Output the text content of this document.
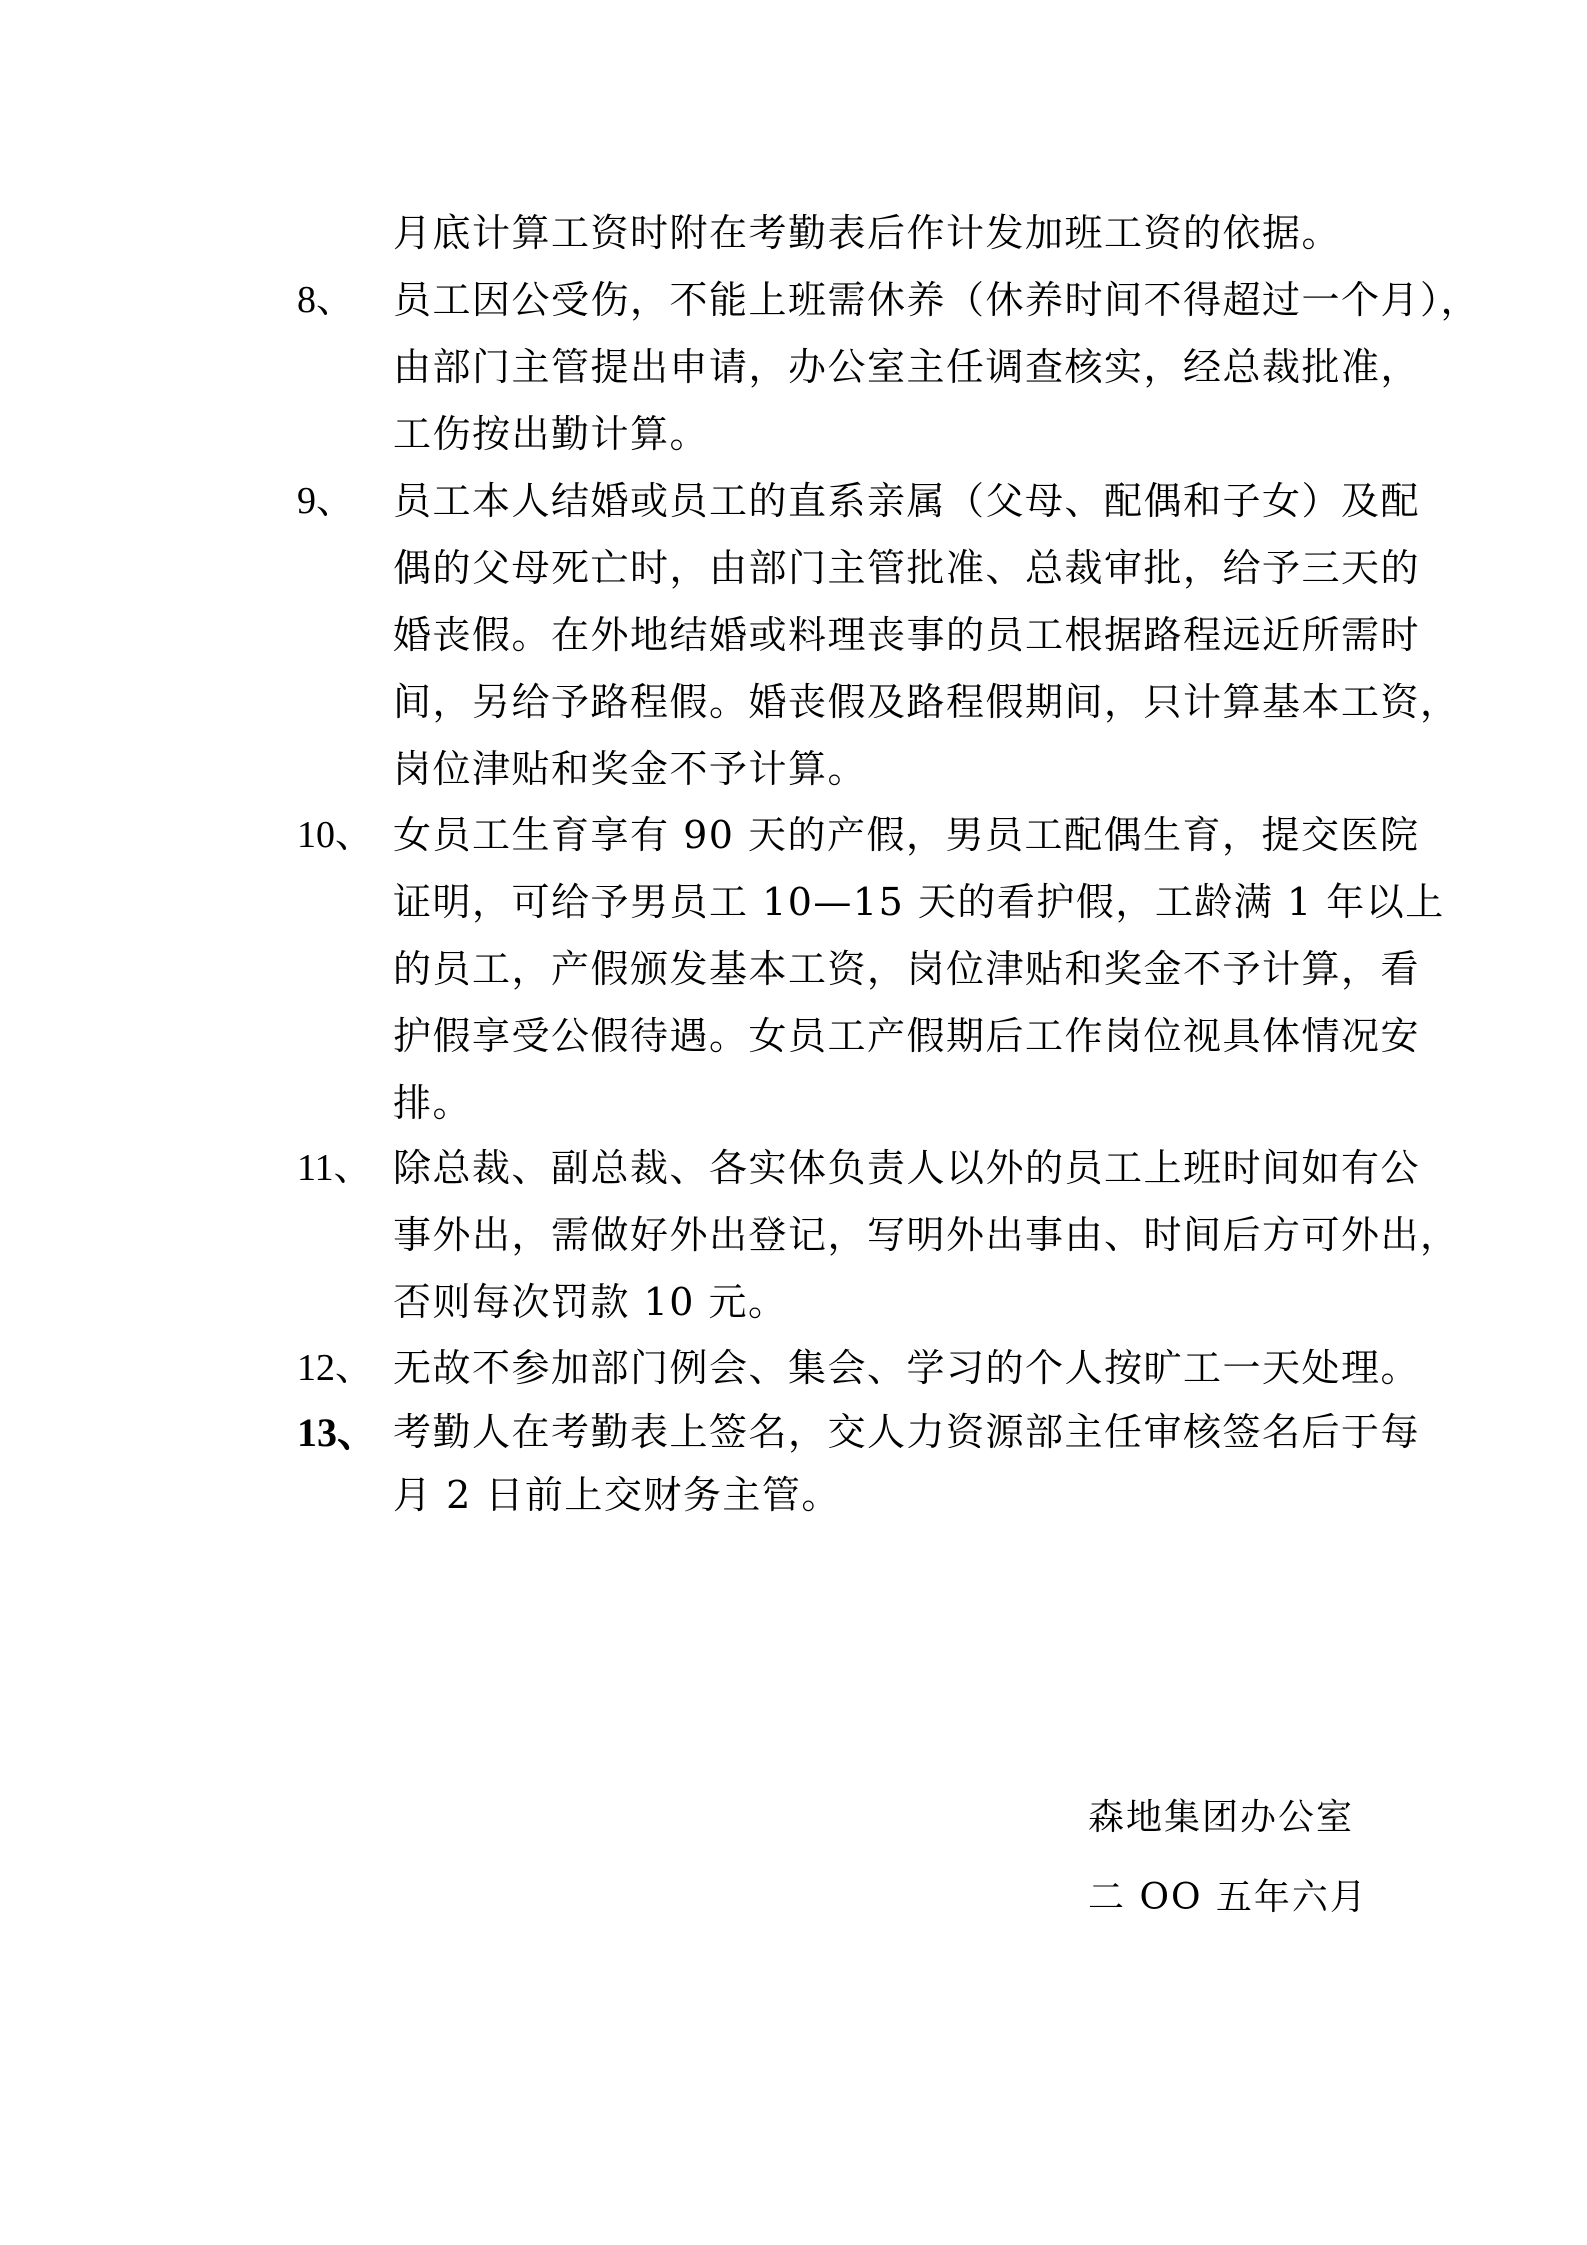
月底计算工资时附在考勤表后作计发加班工资的依据。
8、 员工因公受伤，不能上班需休养（休养时间不得超过一个月），
由部门主管提出申请，办公室主任调查核实，经总裁批准，
工伤按出勤计算。
9、 员工本人结婚或员工的直系亲属（父母、配偶和子女）及配
偶的父母死亡时，由部门主管批准、总裁审批，给予三天的
婚丧假。在外地结婚或料理丧事的员工根据路程远近所需时
间，另给予路程假。婚丧假及路程假期间，只计算基本工资，
岗位津贴和奖金不予计算。
10、 女员工生育享有 90 天的产假，男员工配偶生育，提交医院
证明，可给予男员工 10—15 天的看护假，工龄满 1 年以上
的员工，产假颁发基本工资，岗位津贴和奖金不予计算，看
护假享受公假待遇。女员工产假期后工作岗位视具体情况安
排。
11、 除总裁、副总裁、各实体负责人以外的员工上班时间如有公
事外出，需做好外出登记，写明外出事由、时间后方可外出，
否则每次罚款 10 元。
12、 无故不参加部门例会、集会、学习的个人按旷工一天处理。
13、 考勤人在考勤表上签名，交人力资源部主任审核签名后于每
月 2 日前上交财务主管。
森地集团办公室
二 OO 五年六月
